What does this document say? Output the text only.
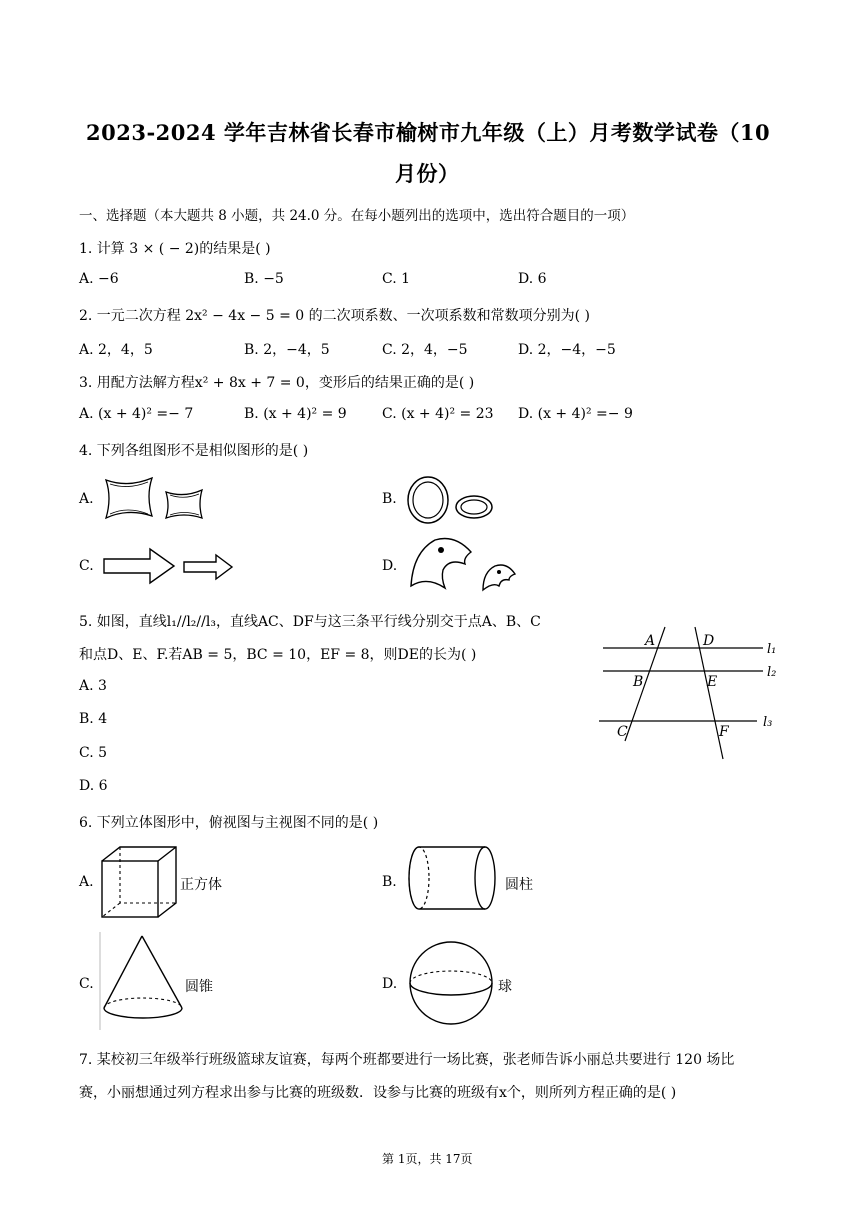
2023-2024 学年吉林省长春市榆树市九年级（上）月考数学试卷（10
月份）
一、选择题（本大题共 8 小题，共 24.0 分。在每小题列出的选项中，选出符合题目的一项）
1. 计算 3 × ( − 2)的结果是( )
A. −6	B. −5	C. 1	D. 6
2. 一元二次方程 2x² − 4x − 5 = 0 的二次项系数、一次项系数和常数项分别为( )
A. 2，4，5	B. 2，−4，5	C. 2，4，−5	D. 2，−4，−5
3. 用配方法解方程x² + 8x + 7 = 0，变形后的结果正确的是( )
A. (x + 4)² =− 7	B. (x + 4)² = 9	C. (x + 4)² = 23 D. (x + 4)² =− 9
4. 下列各组图形不是相似图形的是( )
A.	B.
C.	D.
5. 如图，直线l₁//l₂//l₃，直线AC、DF与这三条平行线分别交于点A、B、C
和点D、E、F.若AB = 5，BC = 10，EF = 8，则DE的长为( )
A. 3
B. 4
C. 5
D. 6
A	D
B	E
C	F
l₁
l₂
l₃
6. 下列立体图形中，俯视图与主视图不同的是( )
A.	正方体	B.	圆柱
C.	圆锥	D.	球
7. 某校初三年级举行班级篮球友谊赛，每两个班都要进行一场比赛，张老师告诉小丽总共要进行 120 场比
赛，小丽想通过列方程求出参与比赛的班级数．设参与比赛的班级有x个，则所列方程正确的是( )
第 1页，共 17页
